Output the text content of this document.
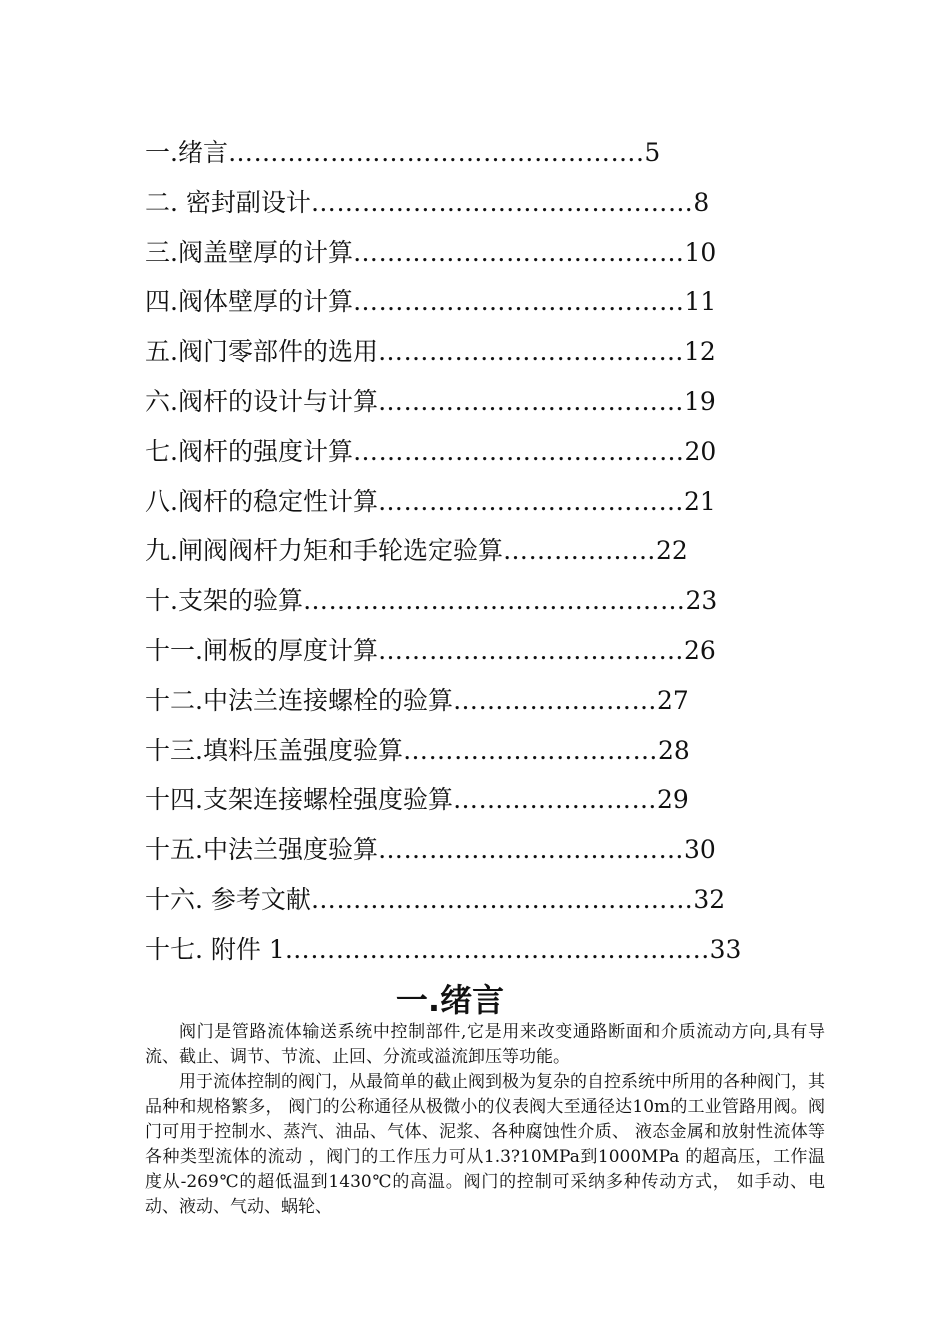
一.绪言………………………………………….5
二. 密封副设计………………………………………8
三.阀盖壁厚的计算…………………………………10
四.阀体壁厚的计算…………………………………11
五.阀门零部件的选用………………………………12
六.阀杆的设计与计算………………………………19
七.阀杆的强度计算…………………………………20
八.阀杆的稳定性计算………………………………21
九.闸阀阀杆力矩和手轮选定验算………………22
十.支架的验算………………………………………23
十一.闸板的厚度计算………………………………26
十二.中法兰连接螺栓的验算……………………27
十三.填料压盖强度验算…………………………28
十四.支架连接螺栓强度验算……………………29
十五.中法兰强度验算………………………………30
十六. 参考文献………………………………………32
十七. 附件 1…………………………………………..33
一.绪言

阀门是管路流体输送系统中控制部件,它是用来改变通路断面和介质流动方向,具有导流、截止、调节、节流、止回、分流或溢流卸压等功能。

用于流体控制的阀门，从最简单的截止阀到极为复杂的自控系统中所用的各种阀门，其品种和规格繁多， 阀门的公称通径从极微小的仪表阀大至通径达10m的工业管路用阀。阀门可用于控制水、蒸汽、油品、气体、泥浆、各种腐蚀性介质、 液态金属和放射性流体等各种类型流体的流动 ，阀门的工作压力可从1.3?10MPa到1000MPa 的超高压，工作温度从-269℃的超低温到1430℃的高温。阀门的控制可采纳多种传动方式， 如手动、电动、液动、气动、蜗轮、
